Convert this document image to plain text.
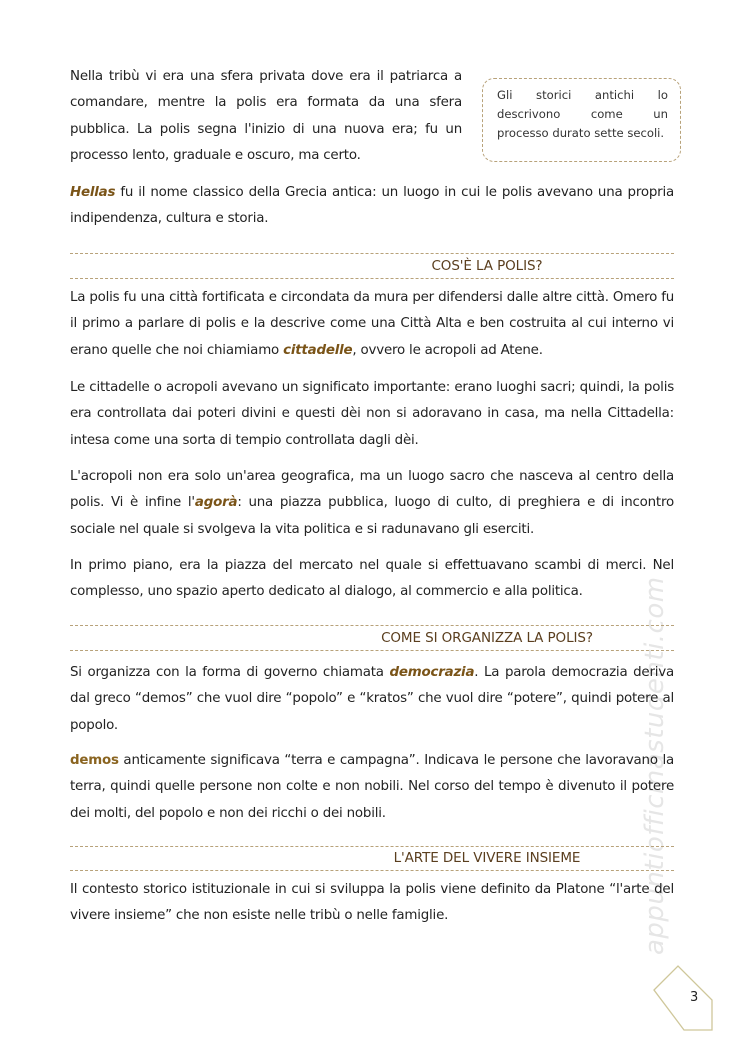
appuntiofficinastudenti.com

Nella tribù vi era una sfera privata dove era il patriarca a comandare, mentre la polis era formata da una sfera pubblica. La polis segna l'inizio di una nuova era; fu un processo lento, graduale e oscuro, ma certo.

Gli storici antichi lo descrivono come un processo durato sette secoli.

Hellas fu il nome classico della Grecia antica: un luogo in cui le polis avevano una propria indipendenza, cultura e storia.

COS'È LA POLIS?

La polis fu una città fortificata e circondata da mura per difendersi dalle altre città. Omero fu il primo a parlare di polis e la descrive come una Città Alta e ben costruita al cui interno vi erano quelle che noi chiamiamo cittadelle, ovvero le acropoli ad Atene.

Le cittadelle o acropoli avevano un significato importante: erano luoghi sacri; quindi, la polis era controllata dai poteri divini e questi dèi non si adoravano in casa, ma nella Cittadella: intesa come una sorta di tempio controllata dagli dèi.

L'acropoli non era solo un'area geografica, ma un luogo sacro che nasceva al centro della polis. Vi è infine l'agorà: una piazza pubblica, luogo di culto, di preghiera e di incontro sociale nel quale si svolgeva la vita politica e si radunavano gli eserciti.

In primo piano, era la piazza del mercato nel quale si effettuavano scambi di merci. Nel complesso, uno spazio aperto dedicato al dialogo, al commercio e alla politica.

COME SI ORGANIZZA LA POLIS?

Si organizza con la forma di governo chiamata democrazia. La parola democrazia deriva dal greco “demos” che vuol dire “popolo” e “kratos” che vuol dire “potere”, quindi potere al popolo.

demos anticamente significava “terra e campagna”. Indicava le persone che lavoravano la terra, quindi quelle persone non colte e non nobili. Nel corso del tempo è divenuto il potere dei molti, del popolo e non dei ricchi o dei nobili.

L'ARTE DEL VIVERE INSIEME

Il contesto storico istituzionale in cui si sviluppa la polis viene definito da Platone “l'arte del vivere insieme” che non esiste nelle tribù o nelle famiglie.

3
